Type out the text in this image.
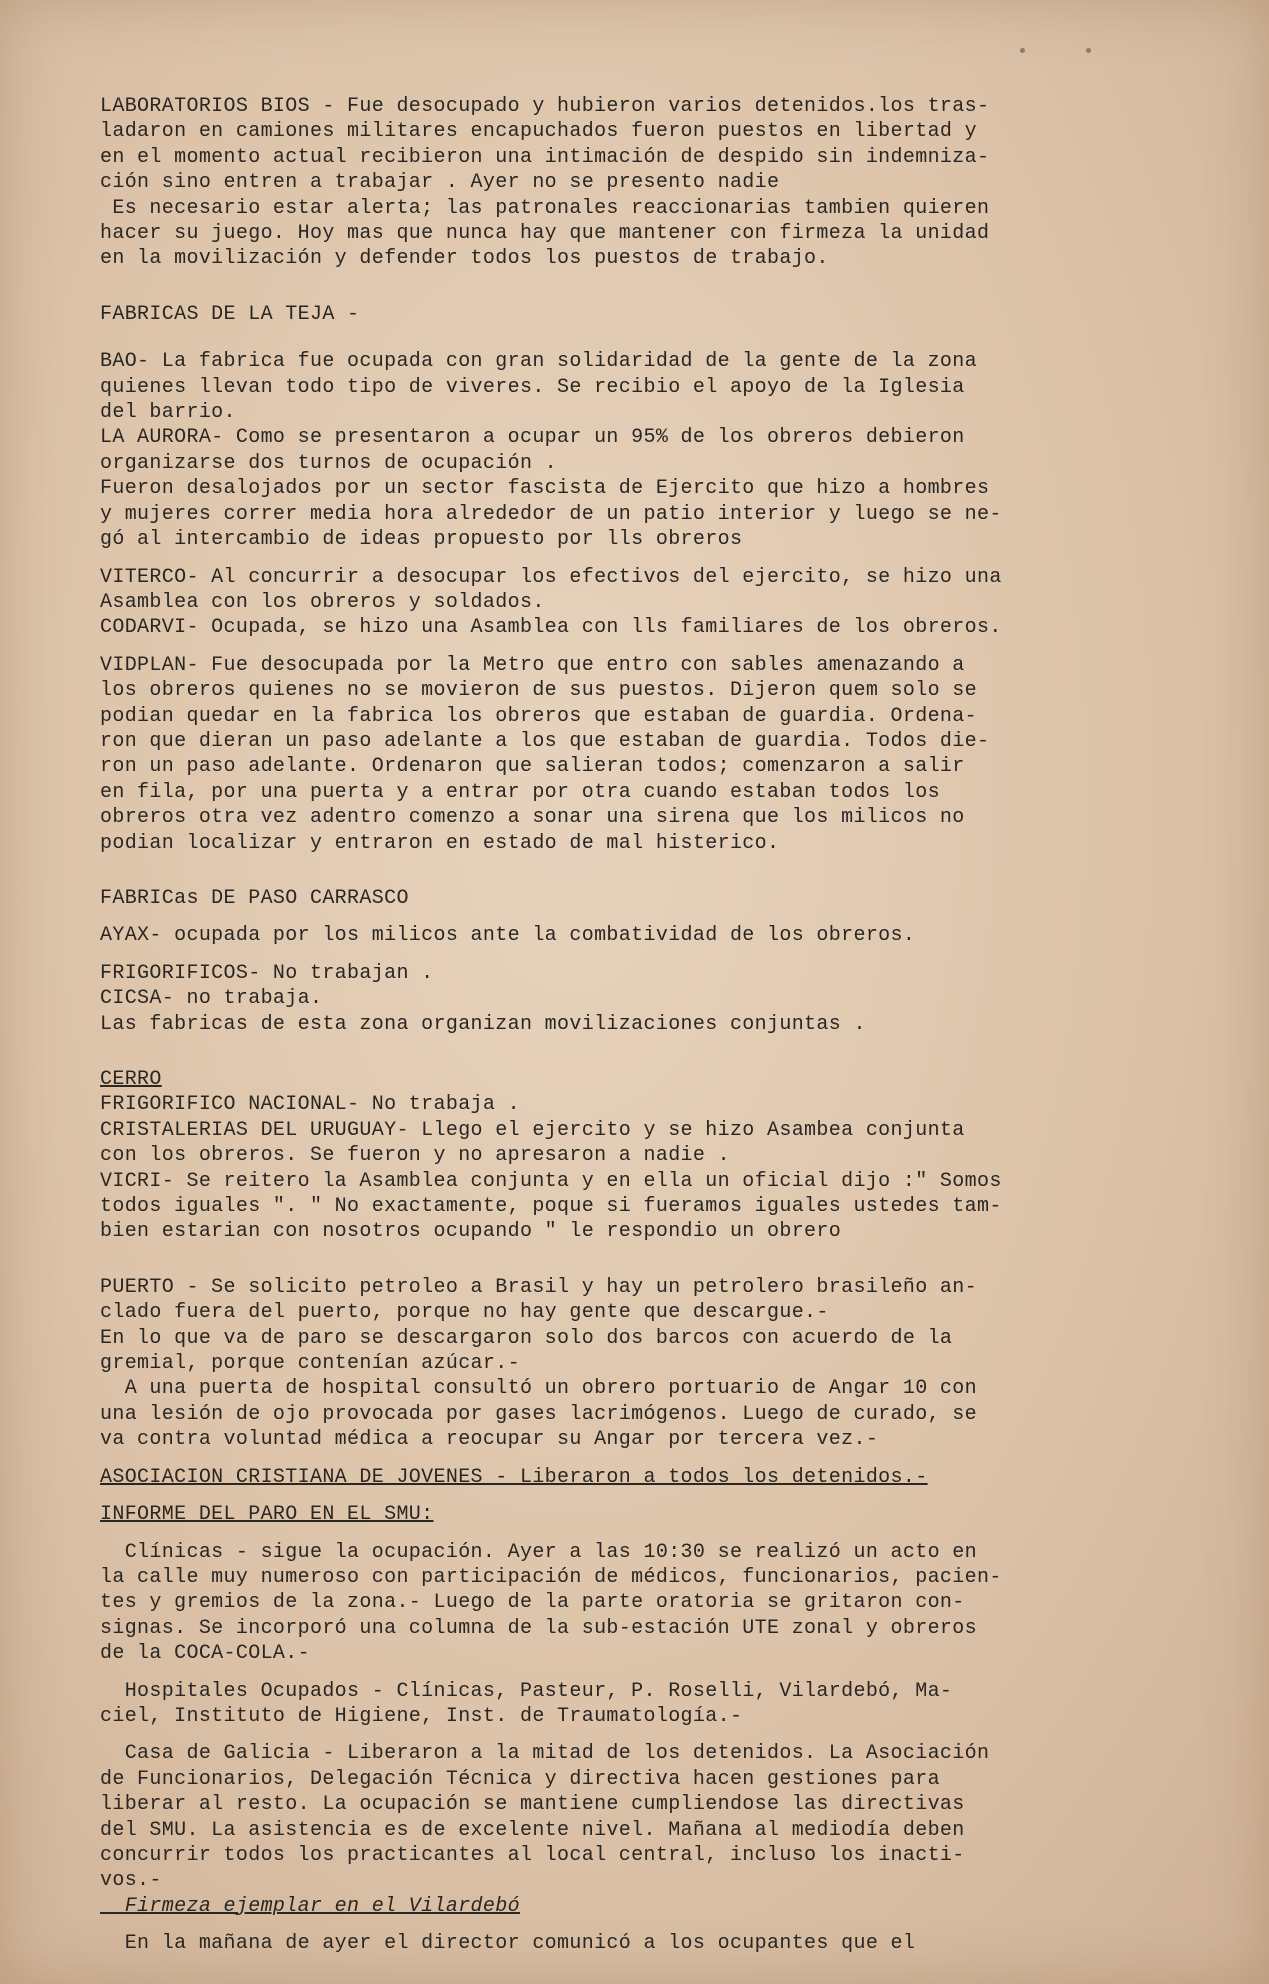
LABORATORIOS BIOS - Fue desocupado y hubieron varios detenidos.los tras-
ladaron en camiones militares encapuchados fueron puestos en libertad y
en el momento actual recibieron una intimación de despido sin indemniza-
ción sino entren a trabajar . Ayer no se presento nadie
Es necesario estar alerta; las patronales reaccionarias tambien quieren
hacer su juego. Hoy mas que nunca hay que mantener con firmeza la unidad
en la movilización y defender todos los puestos de trabajo.
FABRICAS DE LA TEJA -
BAO- La fabrica fue ocupada con gran solidaridad de la gente de la zona
quienes llevan todo tipo de viveres. Se recibio el apoyo de la Iglesia
del barrio.
LA AURORA- Como se presentaron a ocupar un 95% de los obreros debieron
organizarse dos turnos de ocupación .
Fueron desalojados por un sector fascista de Ejercito que hizo a hombres
y mujeres correr media hora alrededor de un patio interior y luego se ne-
gó al intercambio de ideas propuesto por lls obreros
VITERCO- Al concurrir a desocupar los efectivos del ejercito, se hizo una
Asamblea con los obreros y soldados.
CODARVI- Ocupada, se hizo una Asamblea con lls familiares de los obreros.
VIDPLAN- Fue desocupada por la Metro que entro con sables amenazando a
los obreros quienes no se movieron de sus puestos. Dijeron quem solo se
podian quedar en la fabrica los obreros que estaban de guardia. Ordena-
ron que dieran un paso adelante a los que estaban de guardia. Todos die-
ron un paso adelante. Ordenaron que salieran todos; comenzaron a salir
en fila, por una puerta y a entrar por otra cuando estaban todos los
obreros otra vez adentro comenzo a sonar una sirena que los milicos no
podian localizar y entraron en estado de mal histerico.
FABRICas DE PASO CARRASCO
AYAX- ocupada por los milicos ante la combatividad de los obreros.
FRIGORIFICOS- No trabajan .
CICSA- no trabaja.
Las fabricas de esta zona organizan movilizaciones conjuntas .
CERRO
FRIGORIFICO NACIONAL- No trabaja .
CRISTALERIAS DEL URUGUAY- Llego el ejercito y se hizo Asambea conjunta
con los obreros. Se fueron y no apresaron a nadie .
VICRI- Se reitero la Asamblea conjunta y en ella un oficial dijo :" Somos
todos iguales ". " No exactamente, poque si fueramos iguales ustedes tam-
bien estarian con nosotros ocupando " le respondio un obrero
PUERTO - Se solicito petroleo a Brasil y hay un petrolero brasileño an-
clado fuera del puerto, porque no hay gente que descargue.-
En lo que va de paro se descargaron solo dos barcos con acuerdo de la
gremial, porque contenían azúcar.-
A una puerta de hospital consultó un obrero portuario de Angar 10 con
una lesión de ojo provocada por gases lacrimógenos. Luego de curado, se
va contra voluntad médica a reocupar su Angar por tercera vez.-
ASOCIACION CRISTIANA DE JOVENES - Liberaron a todos los detenidos.-
INFORME DEL PARO EN EL SMU:
Clínicas - sigue la ocupación. Ayer a las 10:30 se realizó un acto en
la calle muy numeroso con participación de médicos, funcionarios, pacien-
tes y gremios de la zona.- Luego de la parte oratoria se gritaron con-
signas. Se incorporó una columna de la sub-estación UTE zonal y obreros
de la COCA-COLA.-
Hospitales Ocupados - Clínicas, Pasteur, P. Roselli, Vilardebó, Ma-
ciel, Instituto de Higiene, Inst. de Traumatología.-
Casa de Galicia - Liberaron a la mitad de los detenidos. La Asociación
de Funcionarios, Delegación Técnica y directiva hacen gestiones para
liberar al resto. La ocupación se mantiene cumpliendose las directivas
del SMU. La asistencia es de excelente nivel. Mañana al mediodía deben
concurrir todos los practicantes al local central, incluso los inacti-
vos.-
Firmeza ejemplar en el Vilardebó
En la mañana de ayer el director comunicó a los ocupantes que el
